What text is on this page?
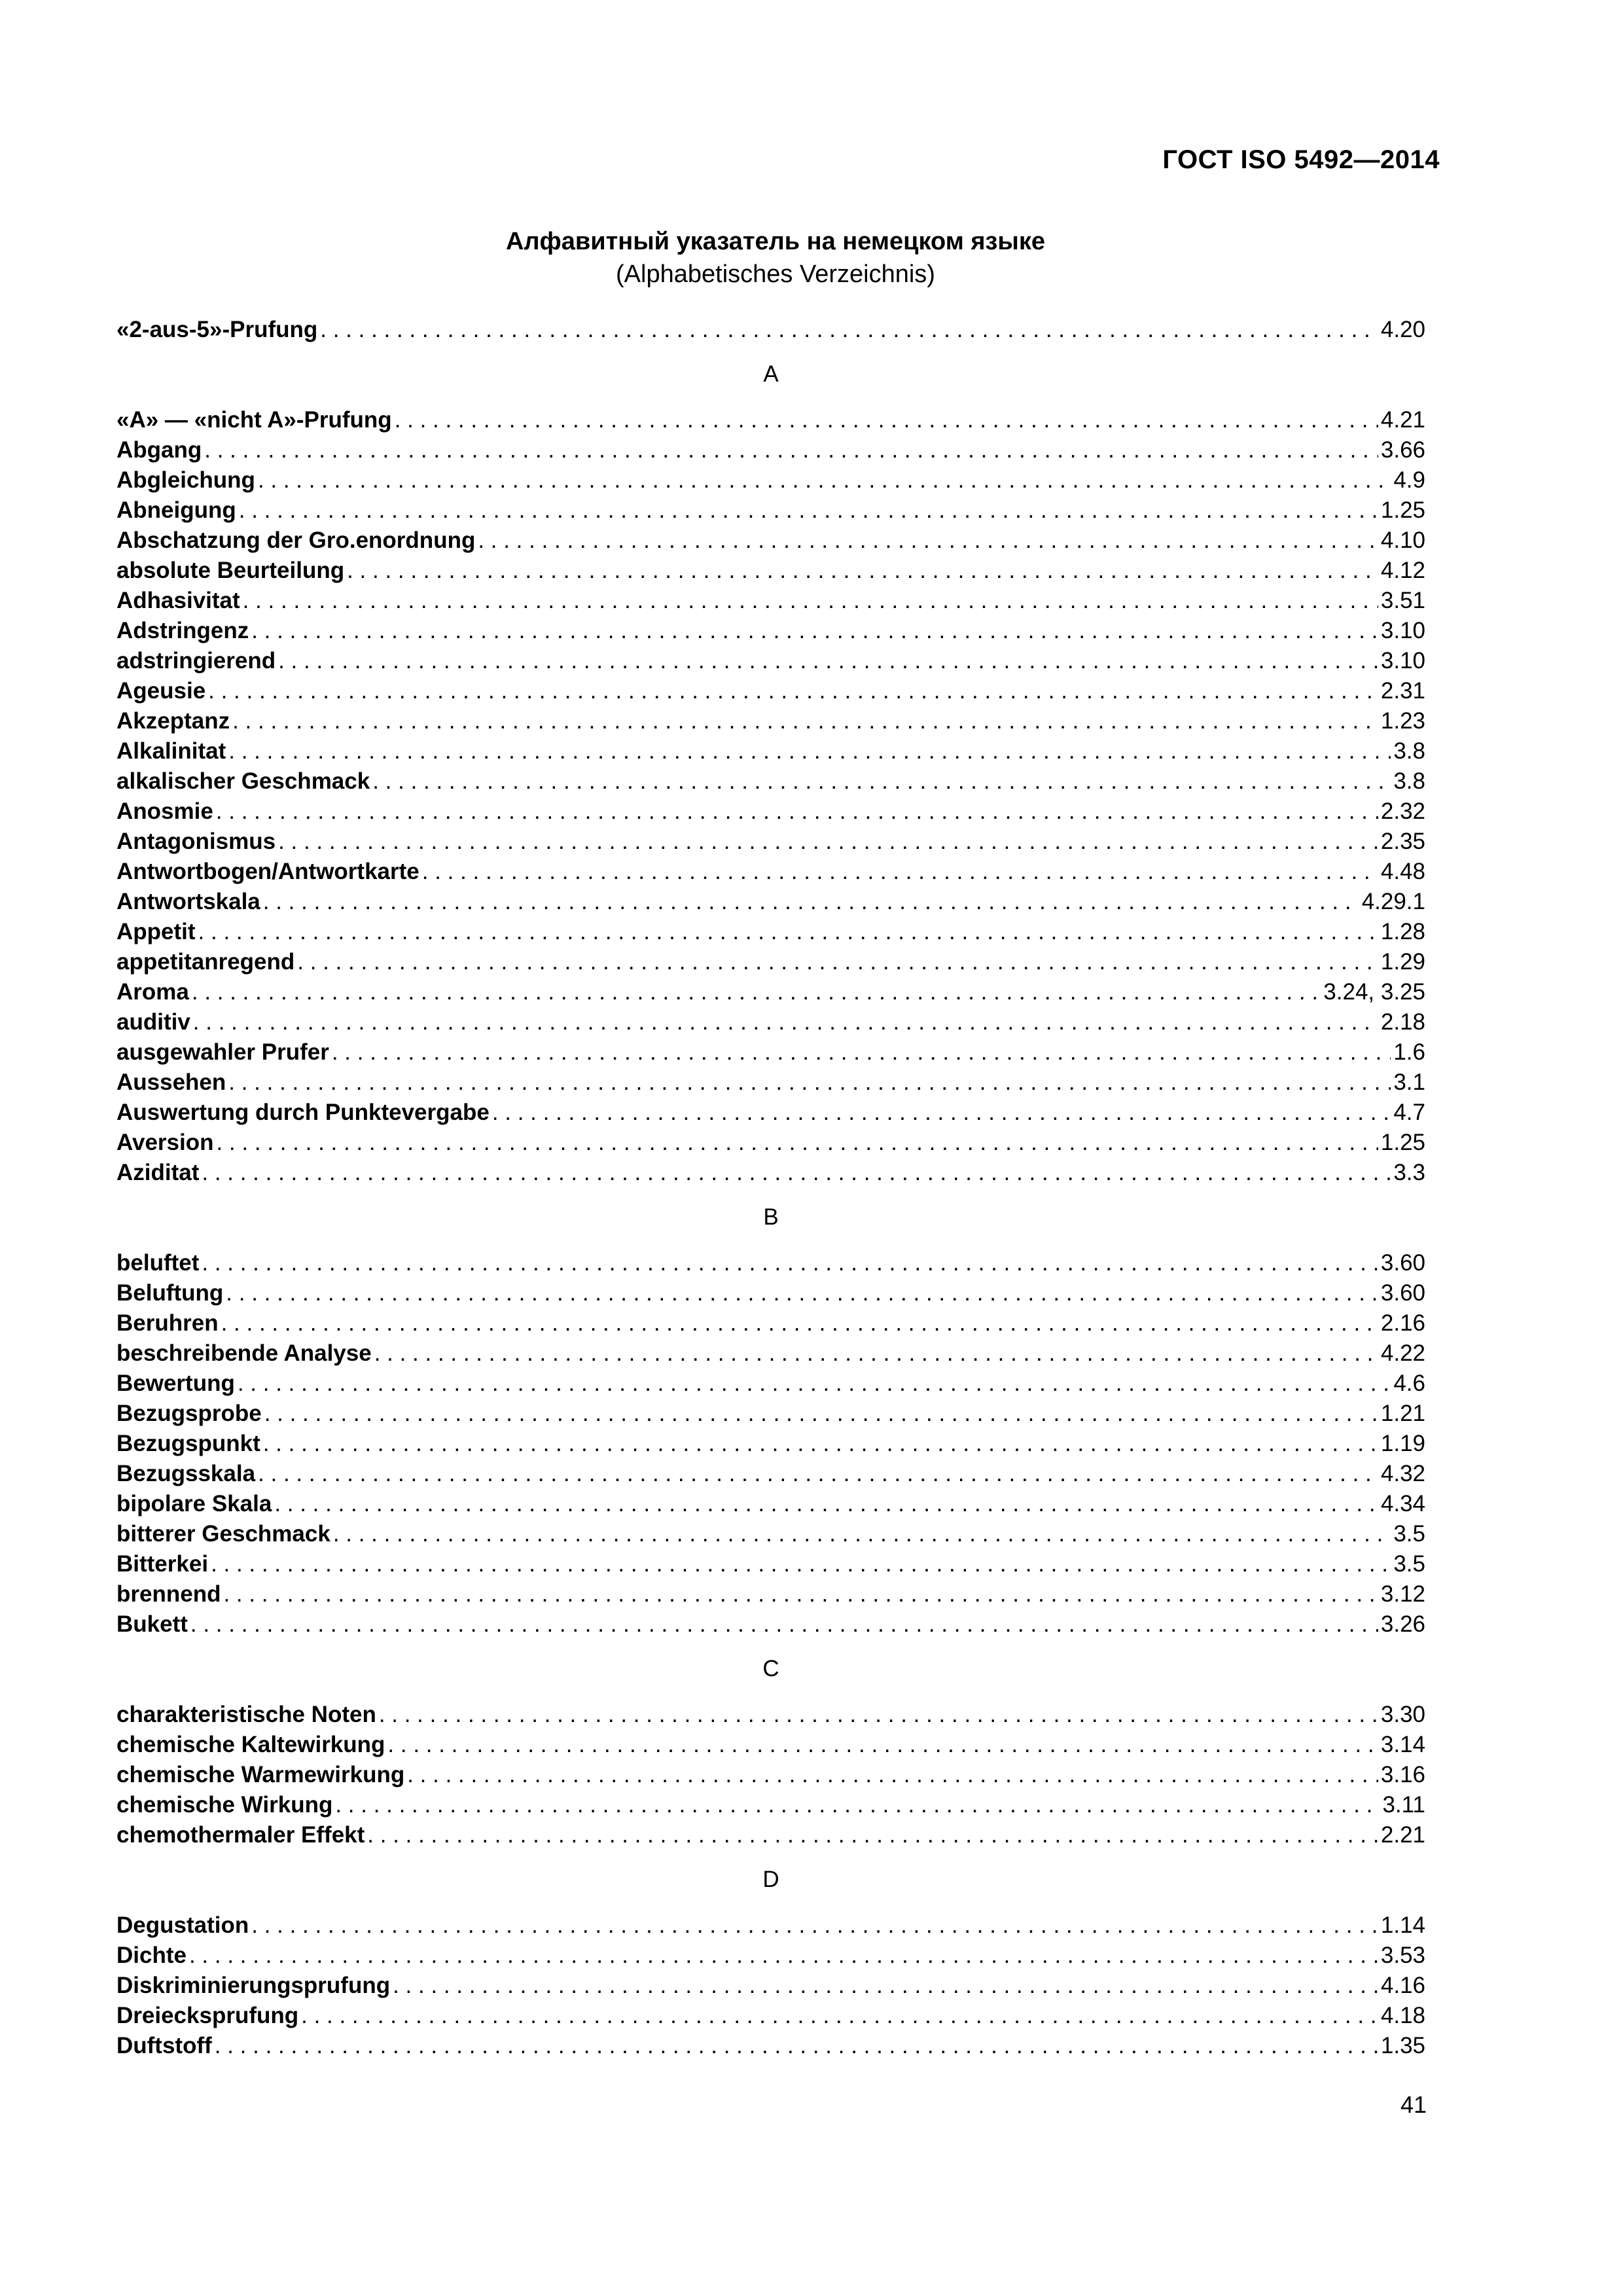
ГОСТ ISO 5492—2014
Алфавитный указатель на немецком языке
(Alphabetisches Verzeichnis)
«2-aus-5»-Prufung . . .	4.20
A
«A» — «nicht A»-Prufung . . .	4.21
Abgang . . .	3.66
Abgleichung . . .	4.9
Abneigung . . .	1.25
Abschatzung der Gro.enordnung . . .	4.10
absolute Beurteilung . . .	4.12
Adhasivitat . . .	3.51
Adstringenz . . .	3.10
adstringierend . . .	3.10
Ageusie . . .	2.31
Akzeptanz . . .	1.23
Alkalinitat . . .	3.8
alkalischer Geschmack . . .	3.8
Anosmie . . .	2.32
Antagonismus . . .	2.35
Antwortbogen/Antwortkarte . . .	4.48
Antwortskala . . .	4.29.1
Appetit . . .	1.28
appetitanregend . . .	1.29
Aroma . . .	3.24, 3.25
auditiv . . .	2.18
ausgewahler Prufer . . .	1.6
Aussehen . . .	3.1
Auswertung durch Punktevergabe . . .	4.7
Aversion . . .	1.25
Aziditat . . .	3.3
B
beluftet . . .	3.60
Beluftung . . .	3.60
Beruhren . . .	2.16
beschreibende Analyse . . .	4.22
Bewertung . . .	4.6
Bezugsprobe . . .	1.21
Bezugspunkt . . .	1.19
Bezugsskala . . .	4.32
bipolare Skala . . .	4.34
bitterer Geschmack . . .	3.5
Bitterkei . . .	3.5
brennend . . .	3.12
Bukett . . .	3.26
C
charakteristische Noten . . .	3.30
chemische Kaltewirkung . . .	3.14
chemische Warmewirkung . . .	3.16
chemische Wirkung . . .	3.11
chemothermaler Effekt . . .	2.21
D
Degustation . . .	1.14
Dichte . . .	3.53
Diskriminierungsprufung . . .	4.16
Dreiecksprufung . . .	4.18
Duftstoff . . .	1.35
41
